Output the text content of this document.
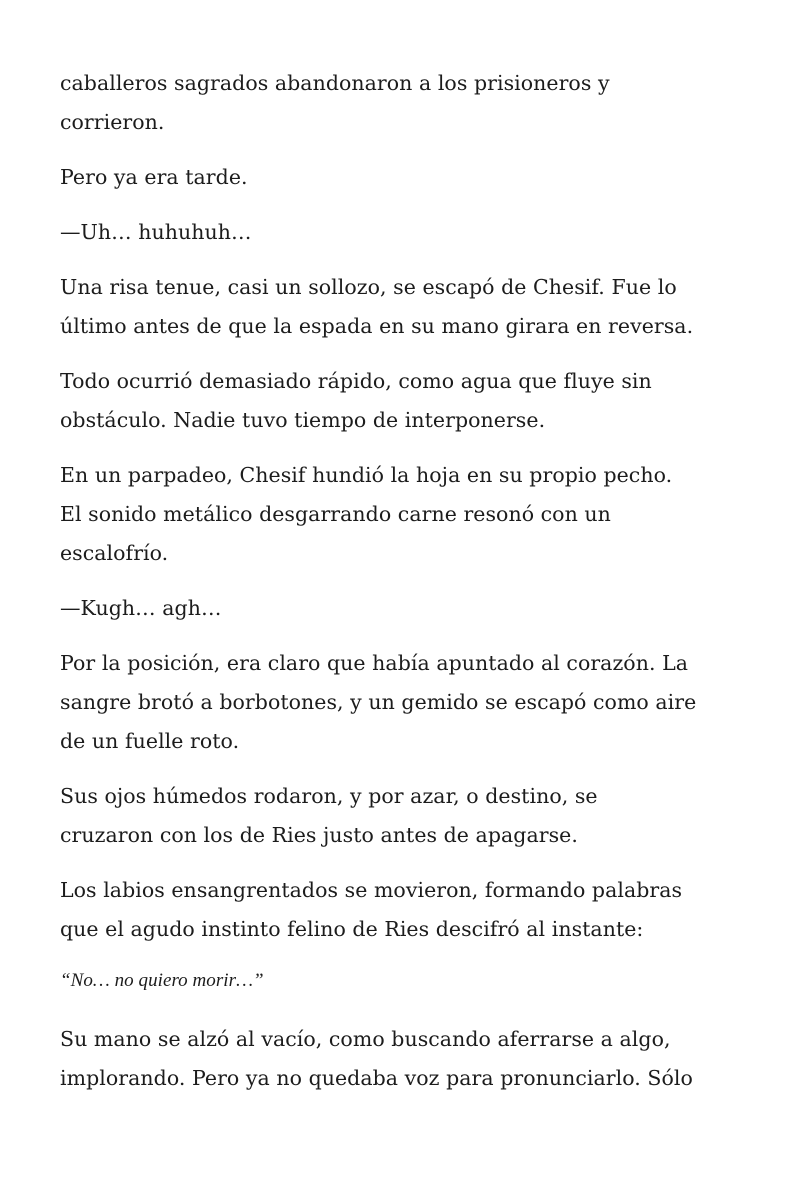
caballeros sagrados abandonaron a los prisioneros y
corrieron.

Pero ya era tarde.

—Uh… huhuhuh…

Una risa tenue, casi un sollozo, se escapó de Chesif. Fue lo
último antes de que la espada en su mano girara en reversa.

Todo ocurrió demasiado rápido, como agua que fluye sin
obstáculo. Nadie tuvo tiempo de interponerse.

En un parpadeo, Chesif hundió la hoja en su propio pecho.
El sonido metálico desgarrando carne resonó con un
escalofrío.

—Kugh… agh…

Por la posición, era claro que había apuntado al corazón. La
sangre brotó a borbotones, y un gemido se escapó como aire
de un fuelle roto.

Sus ojos húmedos rodaron, y por azar, o destino, se
cruzaron con los de Ries justo antes de apagarse.

Los labios ensangrentados se movieron, formando palabras
que el agudo instinto felino de Ries descifró al instante:

“No… no quiero morir…”

Su mano se alzó al vacío, como buscando aferrarse a algo,
implorando. Pero ya no quedaba voz para pronunciarlo. Sólo
